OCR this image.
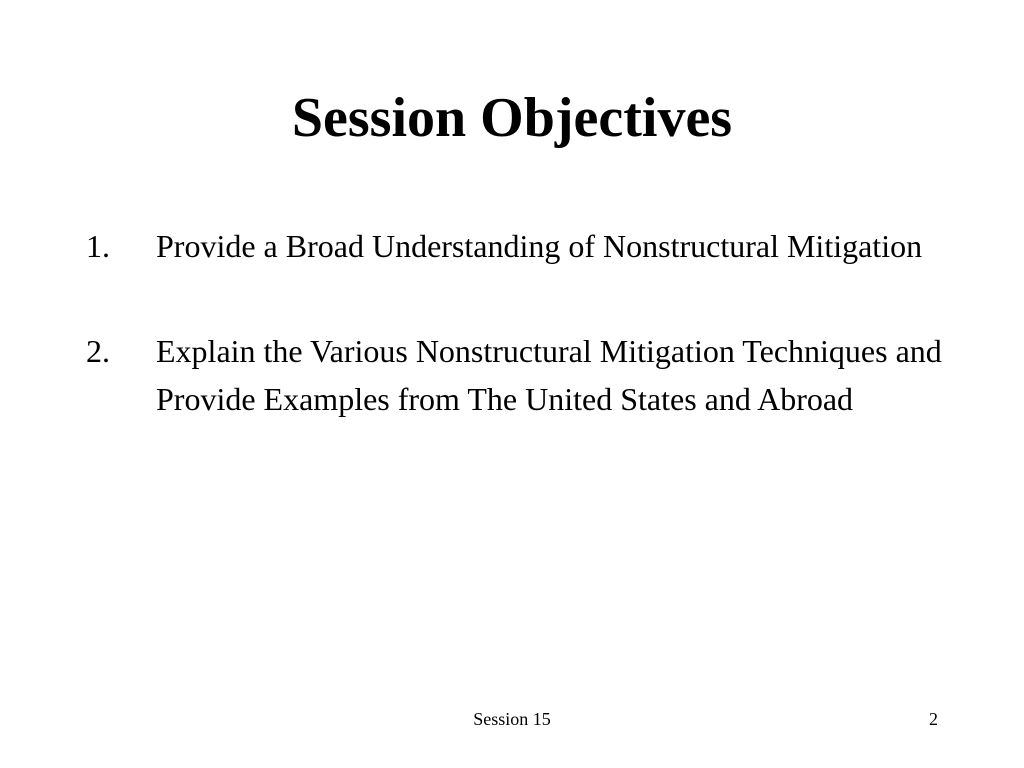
Session Objectives
1.	Provide a Broad Understanding of Nonstructural Mitigation
2.	Explain the Various Nonstructural Mitigation Techniques and Provide Examples from The United States and Abroad
Session 15	2
